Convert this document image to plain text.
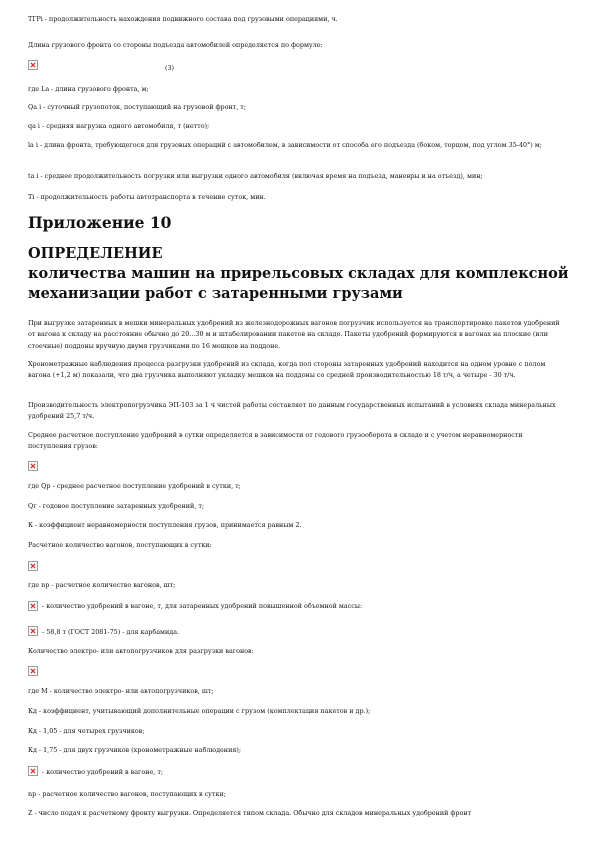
ТГРi - продолжительность нахождения подвижного состава под грузовыми операциями, ч.

Длина грузового фронта со стороны подъезда автомобилей определяется по формуле:

(3)

где Lа - длина грузового фронта, м;

Qa i - суточный грузопоток, поступающий на грузовой фронт, т;

qa i - средняя нагрузка одного автомобиля, т (нетто);

la i - длина фронта, требующегося для грузовых операций с автомобилем, в зависимости от способа его подъезда (боком, торцом, под углом 35-40°) м;

ta i - среднее продолжительность погрузки или выгрузки одного автомобиля (включая время на подъезд, маневры и на отъезд), мин;

Ti - продолжительность работы автотранспорта в течение суток, мин.

Приложение 10
ОПРЕДЕЛЕНИЕ
количества машин на прирельсовых складах для комплексной
механизации работ с затаренными грузами

При выгрузке затаренных в мешки минеральных удобрений из железнодорожных вагонов погрузчик используется на транспортировке пакетов удобрений от вагона к складу на расстояние обычно до 20...30 м и штабелировании пакетов на складе. Пакеты удобрений формируются в вагонах на плоские (или стоечные) поддоны вручную двумя грузчиками по 16 мешков на поддоне.

Хронометражные наблюдения процесса разгрузки удобрений из склада, когда пол стороны затаренных удобрений находится на одном уровне с полом вагона (+1,2 м) показали, что два грузчика выполняют укладку мешков на поддоны со средней производительностью 18 т/ч, а четыре - 30 т/ч.

Производительность электропогрузчика ЭП-103 за 1 ч чистой работы составляет по данным государственных испытаний в условиях склада минеральных удобрений 25,7 т/ч.

Среднее расчетное поступление удобрений в сутки определяется в зависимости от годового грузооборота в складе и с учетом неравномерности поступления грузов:

где Qр - среднее расчетное поступление удобрений в сутки, т;

Qг - годовое поступление затаренных удобрений, т;

К - коэффициент неравномерности поступления грузов, принимается равным 2.

Расчетное количество вагонов, поступающих в сутки:

где nр - расчетное количество вагонов, шт;

- количество удобрений в вагоне, т, для затаренных удобрений повышенной объемной массы:
- 58,8 т (ГОСТ 2081-75) - для карбамида.

Количество электро- или автопогрузчиков для разгрузки вагонов:

где М - количество электро- или автопогрузчиков, шт;

Кд - коэффициент, учитывающий дополнительные операции с грузом (комплектация пакетов и др.);

Кд - 1,05 - для четырех грузчиков;

Кд - 1,75 - для двух грузчиков (хронометражные наблюдения);

- количество удобрений в вагоне, т;

nр - расчетное количество вагонов, поступающих в сутки;

Z - число подач к расчетному фронту выгрузки. Определяется типом склада. Обычно для складов минеральных удобрений фронт
